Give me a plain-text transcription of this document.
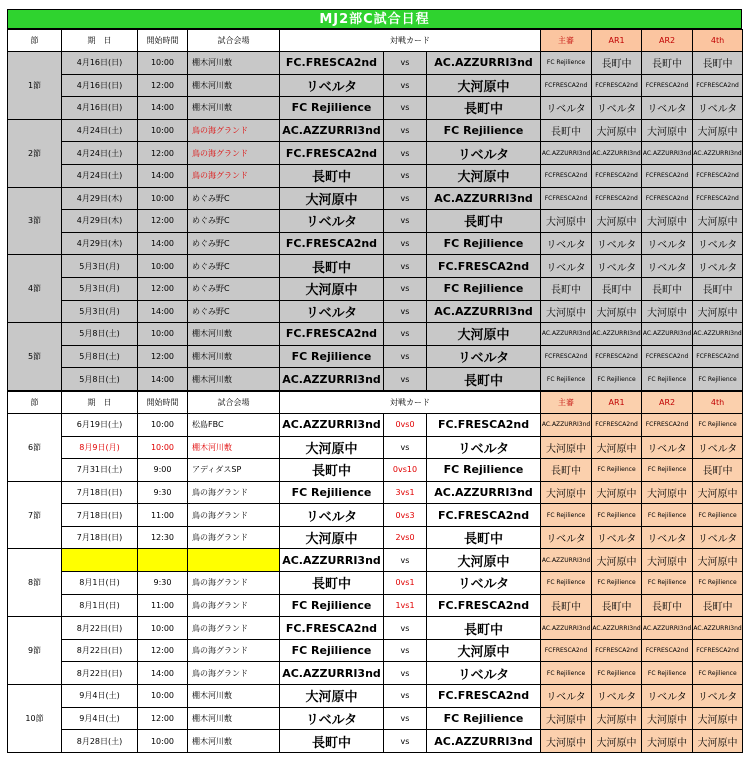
MJ2部C試合日程
節	期　日	開始時間	試合会場	対戦カード			主審	AR1	AR2	4th
1節	4月16日(日)	10:00	棚木河川敷	FC.FRESCA2nd	vs	AC.AZZURRI3nd	FC Rejilience	長町中	長町中	長町中
	4月16日(日)	12:00	棚木河川敷	リベルタ	vs	大河原中	FCFRESCA2nd	FCFRESCA2nd	FCFRESCA2nd	FCFRESCA2nd
	4月16日(日)	14:00	棚木河川敷	FC Rejilience	vs	長町中	リベルタ	リベルタ	リベルタ	リベルタ
2節	4月24日(土)	10:00	鳥の海グランド	AC.AZZURRI3nd	vs	FC Rejilience	長町中	大河原中	大河原中	大河原中
	4月24日(土)	12:00	鳥の海グランド	FC.FRESCA2nd	vs	リベルタ	AC.AZZURRI3nd	AC.AZZURRI3nd	AC.AZZURRI3nd	AC.AZZURRI3nd
	4月24日(土)	14:00	鳥の海グランド	長町中	vs	大河原中	FCFRESCA2nd	FCFRESCA2nd	FCFRESCA2nd	FCFRESCA2nd
3節	4月29日(木)	10:00	めぐみ野C	大河原中	vs	AC.AZZURRI3nd	FCFRESCA2nd	FCFRESCA2nd	FCFRESCA2nd	FCFRESCA2nd
	4月29日(木)	12:00	めぐみ野C	リベルタ	vs	長町中	大河原中	大河原中	大河原中	大河原中
	4月29日(木)	14:00	めぐみ野C	FC.FRESCA2nd	vs	FC Rejilience	リベルタ	リベルタ	リベルタ	リベルタ
4節	5月3日(月)	10:00	めぐみ野C	長町中	vs	FC.FRESCA2nd	リベルタ	リベルタ	リベルタ	リベルタ
	5月3日(月)	12:00	めぐみ野C	大河原中	vs	FC Rejilience	長町中	長町中	長町中	長町中
	5月3日(月)	14:00	めぐみ野C	リベルタ	vs	AC.AZZURRI3nd	大河原中	大河原中	大河原中	大河原中
5節	5月8日(土)	10:00	棚木河川敷	FC.FRESCA2nd	vs	大河原中	AC.AZZURRI3nd	AC.AZZURRI3nd	AC.AZZURRI3nd	AC.AZZURRI3nd
	5月8日(土)	12:00	棚木河川敷	FC Rejilience	vs	リベルタ	FCFRESCA2nd	FCFRESCA2nd	FCFRESCA2nd	FCFRESCA2nd
	5月8日(土)	14:00	棚木河川敷	AC.AZZURRI3nd	vs	長町中	FC Rejilience	FC Rejilience	FC Rejilience	FC Rejilience
節	期　日	開始時間	試合会場	対戦カード			主審	AR1	AR2	4th
6節	6月19日(土)	10:00	松島FBC	AC.AZZURRI3nd	0vs0	FC.FRESCA2nd	AC.AZZURRI3nd	FCFRESCA2nd	FCFRESCA2nd	FC Rejilience
	8月9日(月)	10:00	棚木河川敷	大河原中	vs	リベルタ	大河原中	大河原中	リベルタ	リベルタ
	7月31日(土)	9:00	アディダスSP	長町中	0vs10	FC Rejilience	長町中	FC Rejilience	FC Rejilience	長町中
7節	7月18日(日)	9:30	鳥の海グランド	FC Rejilience	3vs1	AC.AZZURRI3nd	大河原中	大河原中	大河原中	大河原中
	7月18日(日)	11:00	鳥の海グランド	リベルタ	0vs3	FC.FRESCA2nd	FC Rejilience	FC Rejilience	FC Rejilience	FC Rejilience
	7月18日(日)	12:30	鳥の海グランド	大河原中	2vs0	長町中	リベルタ	リベルタ	リベルタ	リベルタ
8節				AC.AZZURRI3nd	vs	大河原中	AC.AZZURRI3nd	大河原中	大河原中	大河原中
	8月1日(日)	9:30	鳥の海グランド	長町中	0vs1	リベルタ	FC Rejilience	FC Rejilience	FC Rejilience	FC Rejilience
	8月1日(日)	11:00	鳥の海グランド	FC Rejilience	1vs1	FC.FRESCA2nd	長町中	長町中	長町中	長町中
9節	8月22日(日)	10:00	鳥の海グランド	FC.FRESCA2nd	vs	長町中	AC.AZZURRI3nd	AC.AZZURRI3nd	AC.AZZURRI3nd	AC.AZZURRI3nd
	8月22日(日)	12:00	鳥の海グランド	FC Rejilience	vs	大河原中	FCFRESCA2nd	FCFRESCA2nd	FCFRESCA2nd	FCFRESCA2nd
	8月22日(日)	14:00	鳥の海グランド	AC.AZZURRI3nd	vs	リベルタ	FC Rejilience	FC Rejilience	FC Rejilience	FC Rejilience
10節	9月4日(土)	10:00	棚木河川敷	大河原中	vs	FC.FRESCA2nd	リベルタ	リベルタ	リベルタ	リベルタ
	9月4日(土)	12:00	棚木河川敷	リベルタ	vs	FC Rejilience	大河原中	大河原中	大河原中	大河原中
	8月28日(土)	10:00	棚木河川敷	長町中	vs	AC.AZZURRI3nd	大河原中	大河原中	大河原中	大河原中
